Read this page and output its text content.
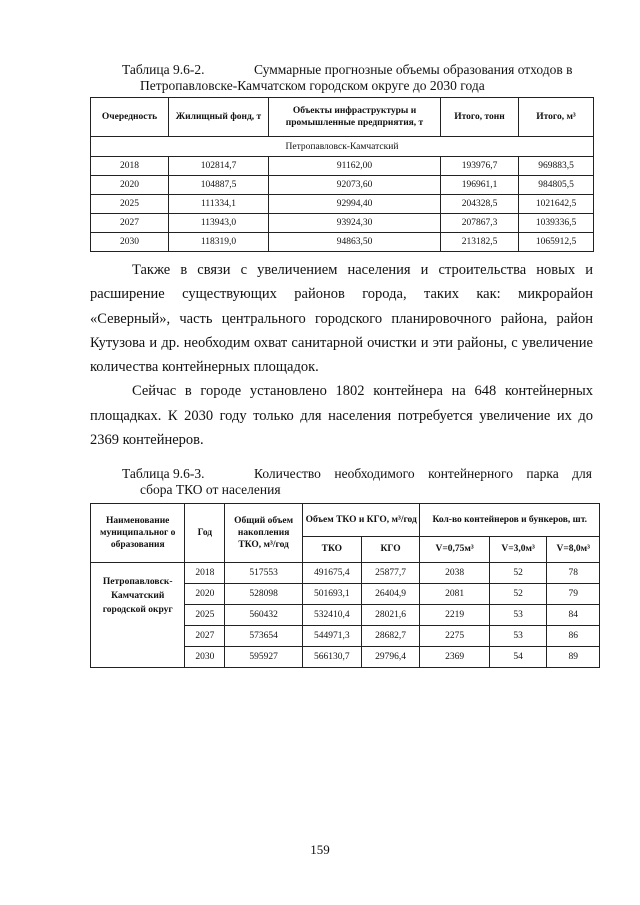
Таблица 9.6-2.	Суммарные прогнозные объемы образования отходов в
Петропавловске-Камчатском городском округе до 2030 года
Очередность	Жилищный фонд, т	Объекты инфраструктуры и промышленные предприятия, т	Итого, тонн	Итого, м³
Петропавловск-Камчатский				
2018	102814,7	91162,00	193976,7	969883,5
2020	104887,5	92073,60	196961,1	984805,5
2025	111334,1	92994,40	204328,5	1021642,5
2027	113943,0	93924,30	207867,3	1039336,5
2030	118319,0	94863,50	213182,5	1065912,5

Также в связи с увеличением населения и строительства новых и расширение существующих районов города, таких как: микрорайон «Северный», часть центрального городского планировочного района, район Кутузова и др. необходим охват санитарной очистки и эти районы, с увеличение количества контейнерных площадок.

Сейчас в городе установлено 1802 контейнера на 648 контейнерных площадках. К 2030 году только для населения потребуется увеличение их до 2369 контейнеров.

Таблица 9.6-3.	Количество необходимого контейнерного парка для
сбора ТКО от населения
Наименование муниципальног о образования	Год	Общий объем накопления ТКО, м³/год	Объем ТКО и КГО, м³/год		Кол-во контейнеров и бункеров, шт.		
			ТКО	КГО	V=0,75м³	V=3,0м³	V=8,0м³
Петропавловск-Камчатский городской округ	2018	517553	491675,4	25877,7	2038	52	78
	2020	528098	501693,1	26404,9	2081	52	79
	2025	560432	532410,4	28021,6	2219	53	84
	2027	573654	544971,3	28682,7	2275	53	86
	2030	595927	566130,7	29796,4	2369	54	89
159
